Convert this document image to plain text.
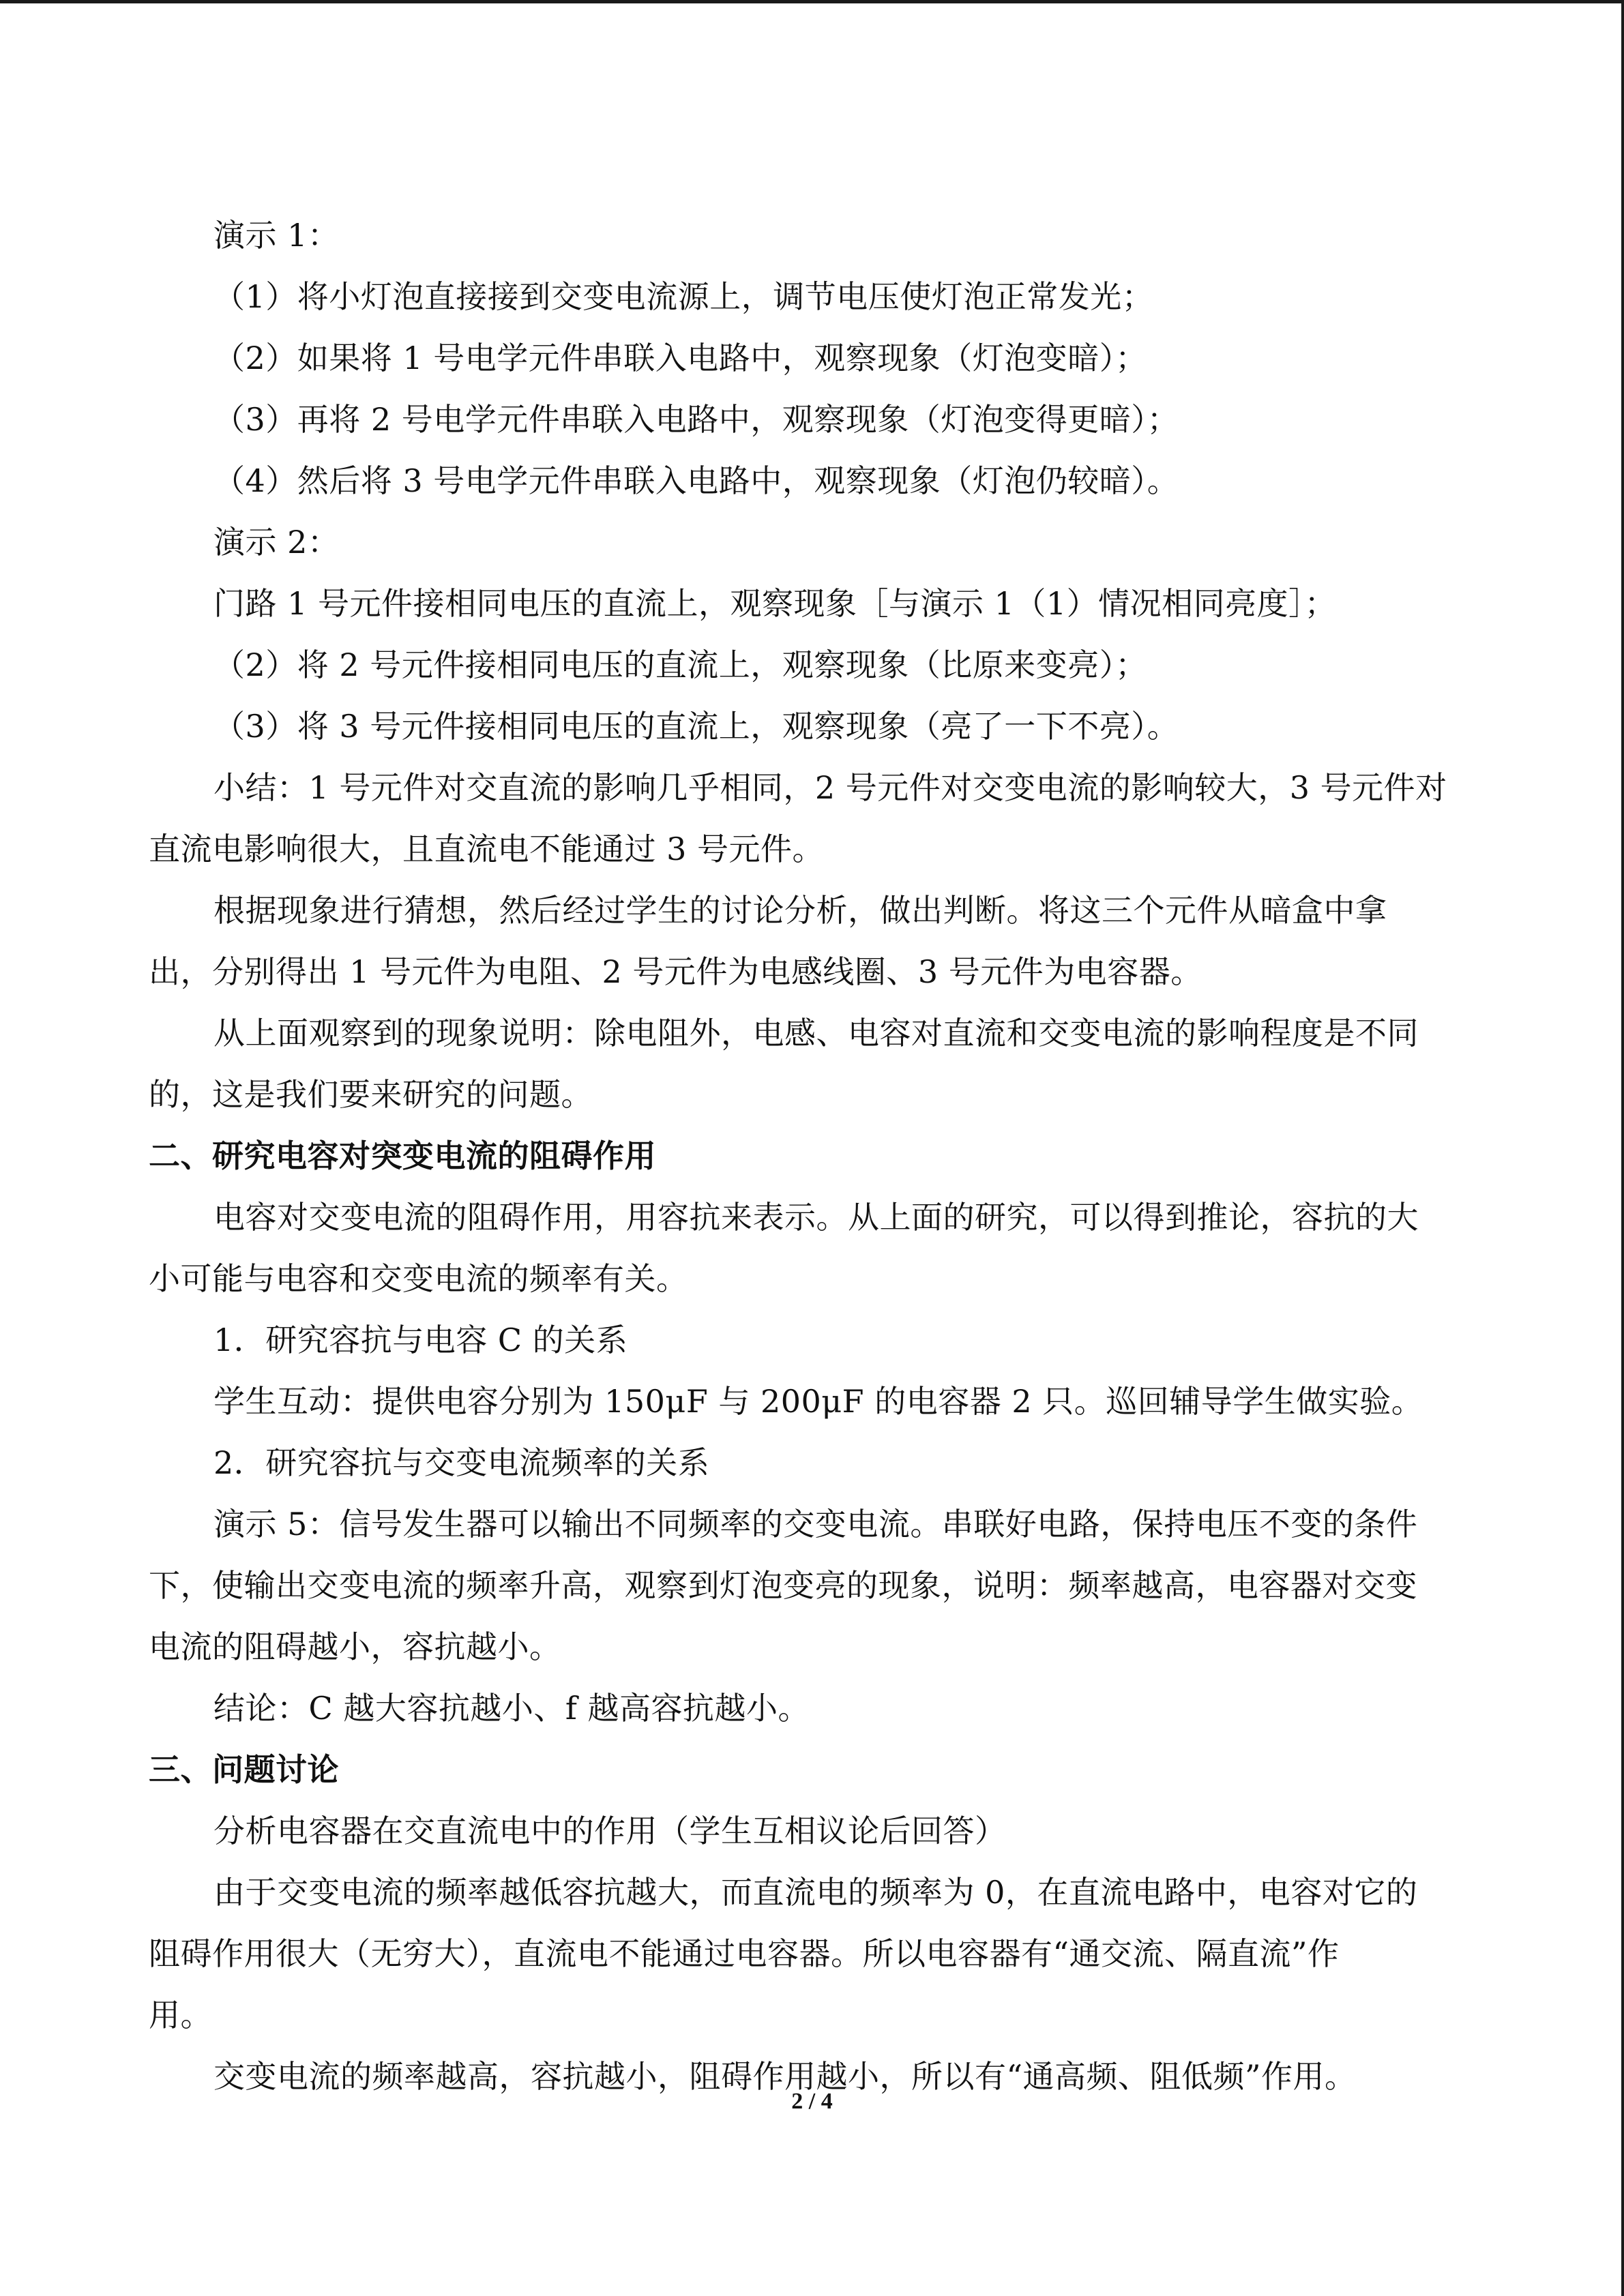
演示 1：
（1）将小灯泡直接接到交变电流源上，调节电压使灯泡正常发光；
（2）如果将 1 号电学元件串联入电路中，观察现象（灯泡变暗）；
（3）再将 2 号电学元件串联入电路中，观察现象（灯泡变得更暗）；
（4）然后将 3 号电学元件串联入电路中，观察现象（灯泡仍较暗）。
演示 2：
门路 1 号元件接相同电压的直流上，观察现象［与演示 1（1）情况相同亮度］；
（2）将 2 号元件接相同电压的直流上，观察现象（比原来变亮）；
（3）将 3 号元件接相同电压的直流上，观察现象（亮了一下不亮）。
小结：1 号元件对交直流的影响几乎相同，2 号元件对交变电流的影响较大，3 号元件对
直流电影响很大，且直流电不能通过 3 号元件。
根据现象进行猜想，然后经过学生的讨论分析，做出判断。将这三个元件从暗盒中拿
出，分别得出 1 号元件为电阻、2 号元件为电感线圈、3 号元件为电容器。
从上面观察到的现象说明：除电阻外，电感、电容对直流和交变电流的影响程度是不同
的，这是我们要来研究的问题。
二、研究电容对突变电流的阻碍作用
电容对交变电流的阻碍作用，用容抗来表示。从上面的研究，可以得到推论，容抗的大
小可能与电容和交变电流的频率有关。
1．研究容抗与电容 C 的关系
学生互动：提供电容分别为 150μF 与 200μF 的电容器 2 只。巡回辅导学生做实验。
2．研究容抗与交变电流频率的关系
演示 5：信号发生器可以输出不同频率的交变电流。串联好电路，保持电压不变的条件
下，使输出交变电流的频率升高，观察到灯泡变亮的现象，说明：频率越高，电容器对交变
电流的阻碍越小，容抗越小。
结论：C 越大容抗越小、f 越高容抗越小。
三、问题讨论
分析电容器在交直流电中的作用（学生互相议论后回答）
由于交变电流的频率越低容抗越大，而直流电的频率为 0，在直流电路中，电容对它的
阻碍作用很大（无穷大），直流电不能通过电容器。所以电容器有“通交流、隔直流”作
用。
交变电流的频率越高，容抗越小，阻碍作用越小，所以有“通高频、阻低频”作用。
2 / 4
